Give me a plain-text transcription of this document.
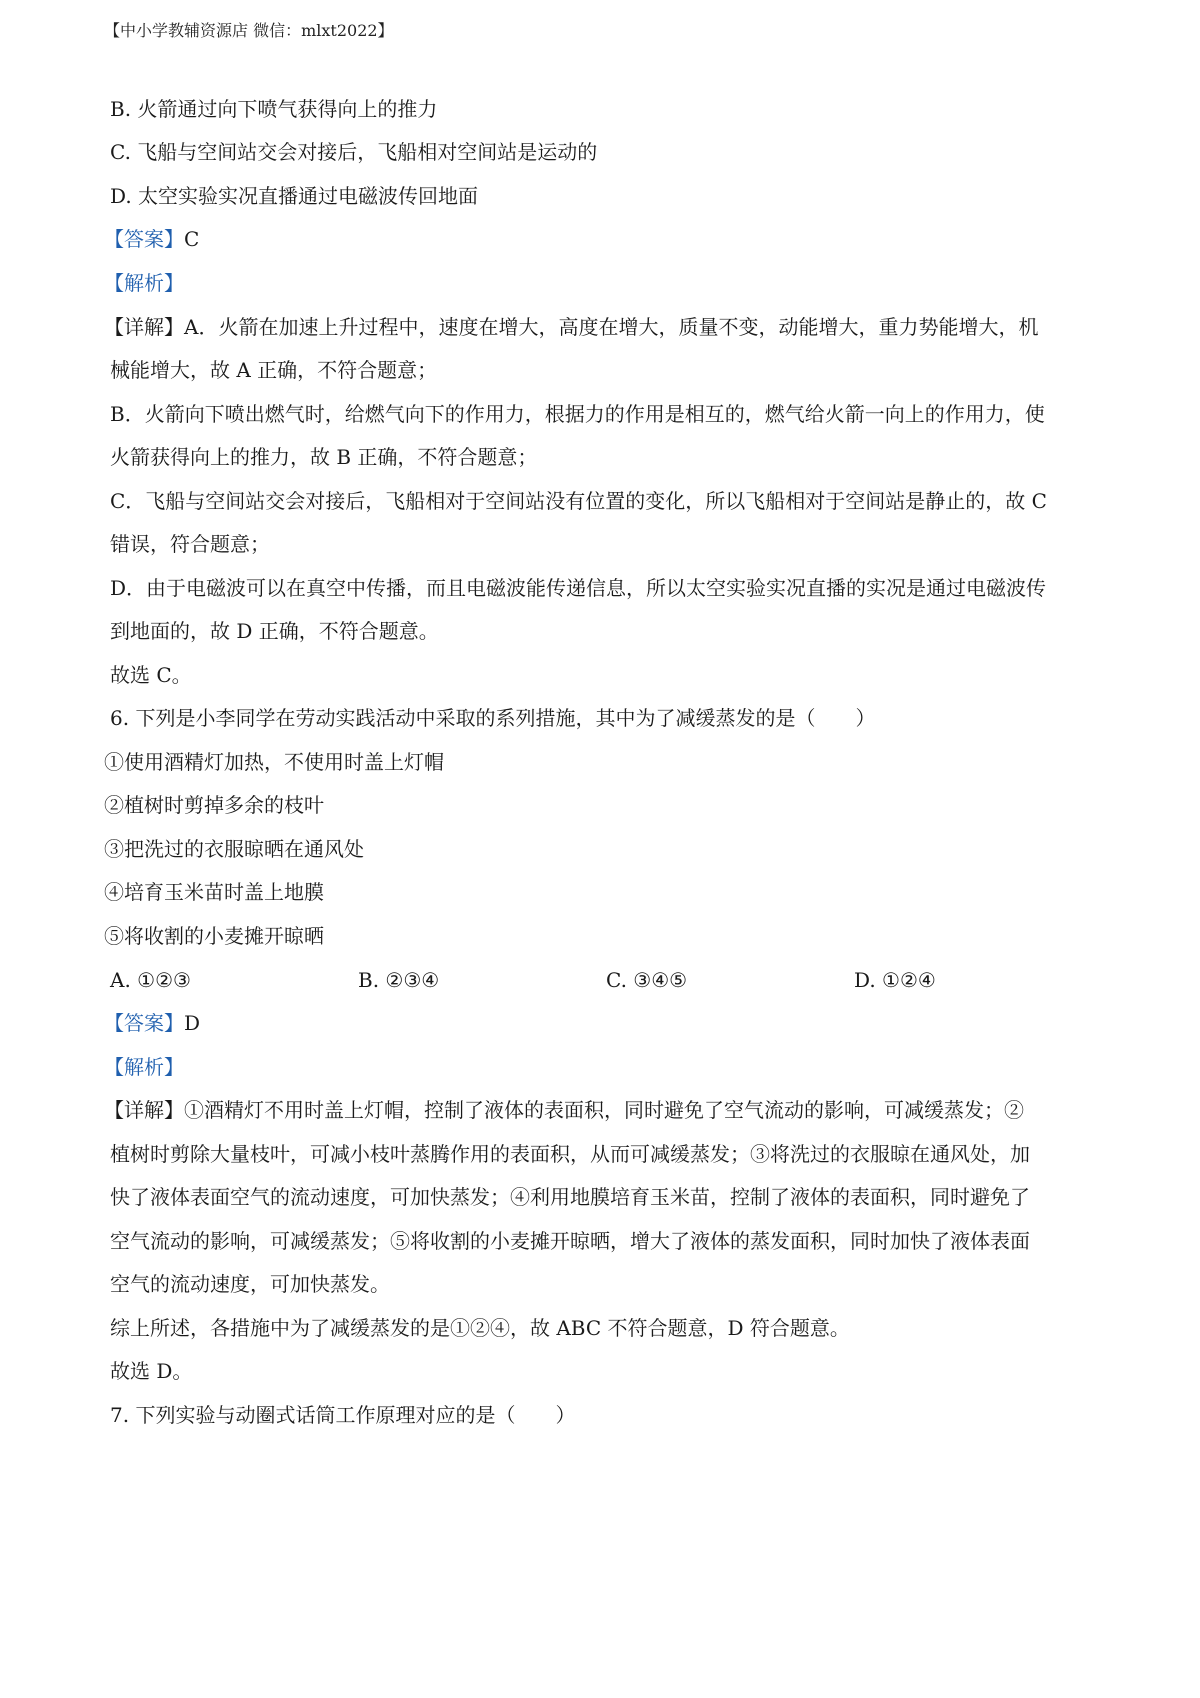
【中小学教辅资源店 微信：mlxt2022】
B. 火箭通过向下喷气获得向上的推力
C. 飞船与空间站交会对接后，飞船相对空间站是运动的
D. 太空实验实况直播通过电磁波传回地面
【答案】C
【解析】
【详解】A．火箭在加速上升过程中，速度在增大，高度在增大，质量不变，动能增大，重力势能增大，机
械能增大，故 A 正确，不符合题意；
B．火箭向下喷出燃气时，给燃气向下的作用力，根据力的作用是相互的，燃气给火箭一向上的作用力，使
火箭获得向上的推力，故 B 正确，不符合题意；
C．飞船与空间站交会对接后，飞船相对于空间站没有位置的变化，所以飞船相对于空间站是静止的，故 C
错误，符合题意；
D．由于电磁波可以在真空中传播，而且电磁波能传递信息，所以太空实验实况直播的实况是通过电磁波传
到地面的，故 D 正确，不符合题意。
故选 C。
6. 下列是小李同学在劳动实践活动中采取的系列措施，其中为了减缓蒸发的是（　　）
①使用酒精灯加热，不使用时盖上灯帽
②植树时剪掉多余的枝叶
③把洗过的衣服晾晒在通风处
④培育玉米苗时盖上地膜
⑤将收割的小麦摊开晾晒
A. ①②③	B. ②③④	C. ③④⑤	D. ①②④
【答案】D
【解析】
【详解】①酒精灯不用时盖上灯帽，控制了液体的表面积，同时避免了空气流动的影响，可减缓蒸发；②
植树时剪除大量枝叶，可减小枝叶蒸腾作用的表面积，从而可减缓蒸发；③将洗过的衣服晾在通风处，加
快了液体表面空气的流动速度，可加快蒸发；④利用地膜培育玉米苗，控制了液体的表面积，同时避免了
空气流动的影响，可减缓蒸发；⑤将收割的小麦摊开晾晒，增大了液体的蒸发面积，同时加快了液体表面
空气的流动速度，可加快蒸发。
综上所述，各措施中为了减缓蒸发的是①②④，故 ABC 不符合题意，D 符合题意。
故选 D。
7. 下列实验与动圈式话筒工作原理对应的是（　　）
